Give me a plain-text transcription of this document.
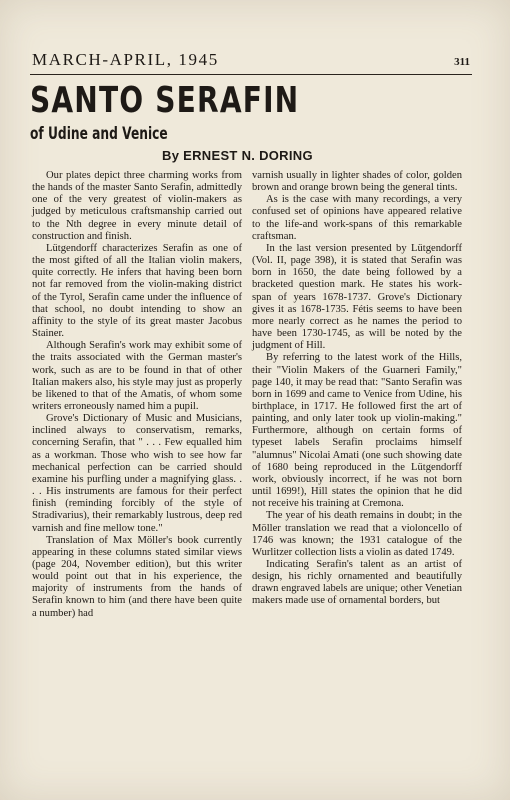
MARCH-APRIL, 1945	311
SANTO SERAFIN
of Udine and Venice
By ERNEST N. DORING

Our plates depict three charming works from the hands of the master Santo Serafin, admittedly one of the very greatest of violin-makers as judged by meticulous craftsmanship carried out to the Nth degree in every minute detail of construction and finish.

Lütgendorff characterizes Serafin as one of the most gifted of all the Italian violin makers, quite correctly. He infers that having been born not far removed from the violin-making district of the Tyrol, Serafin came under the influence of that school, no doubt intending to show an affinity to the style of its great master Jacobus Stainer.

Although Serafin's work may exhibit some of the traits associated with the German master's work, such as are to be found in that of other Italian makers also, his style may just as properly be likened to that of the Amatis, of whom some writers erroneously named him a pupil.

Grove's Dictionary of Music and Musicians, inclined always to conservatism, remarks, concerning Serafin, that " . . . Few equalled him as a workman. Those who wish to see how far mechanical perfection can be carried should examine his purfling under a magnifying glass. . . . His instruments are famous for their perfect finish (reminding forcibly of the style of Stradivarius), their remarkably lustrous, deep red varnish and fine mellow tone."

Translation of Max Möller's book currently appearing in these columns stated similar views (page 204, November edition), but this writer would point out that in his experience, the majority of instruments from the hands of Serafin known to him (and there have been quite a number) had

varnish usually in lighter shades of color, golden brown and orange brown being the general tints.

As is the case with many recordings, a very confused set of opinions have appeared relative to the life-and work-spans of this remarkable craftsman.

In the last version presented by Lütgendorff (Vol. II, page 398), it is stated that Serafin was born in 1650, the date being followed by a bracketed question mark. He states his work-span of years 1678-1737. Grove's Dictionary gives it as 1678-1735. Fétis seems to have been more nearly correct as he names the period to have been 1730-1745, as will be noted by the judgment of Hill.

By referring to the latest work of the Hills, their "Violin Makers of the Guarneri Family," page 140, it may be read that: "Santo Serafin was born in 1699 and came to Venice from Udine, his birthplace, in 1717. He followed first the art of painting, and only later took up violin-making." Furthermore, although on certain forms of typeset labels Serafin proclaims himself "alumnus" Nicolai Amati (one such showing date of 1680 being reproduced in the Lütgendorff work, obviously incorrect, if he was not born until 1699!), Hill states the opinion that he did not receive his training at Cremona.

The year of his death remains in doubt; in the Möller translation we read that a violoncello of 1746 was known; the 1931 catalogue of the Wurlitzer collection lists a violin as dated 1749.

Indicating Serafin's talent as an artist of design, his richly ornamented and beautifully drawn engraved labels are unique; other Venetian makers made use of ornamental borders, but
